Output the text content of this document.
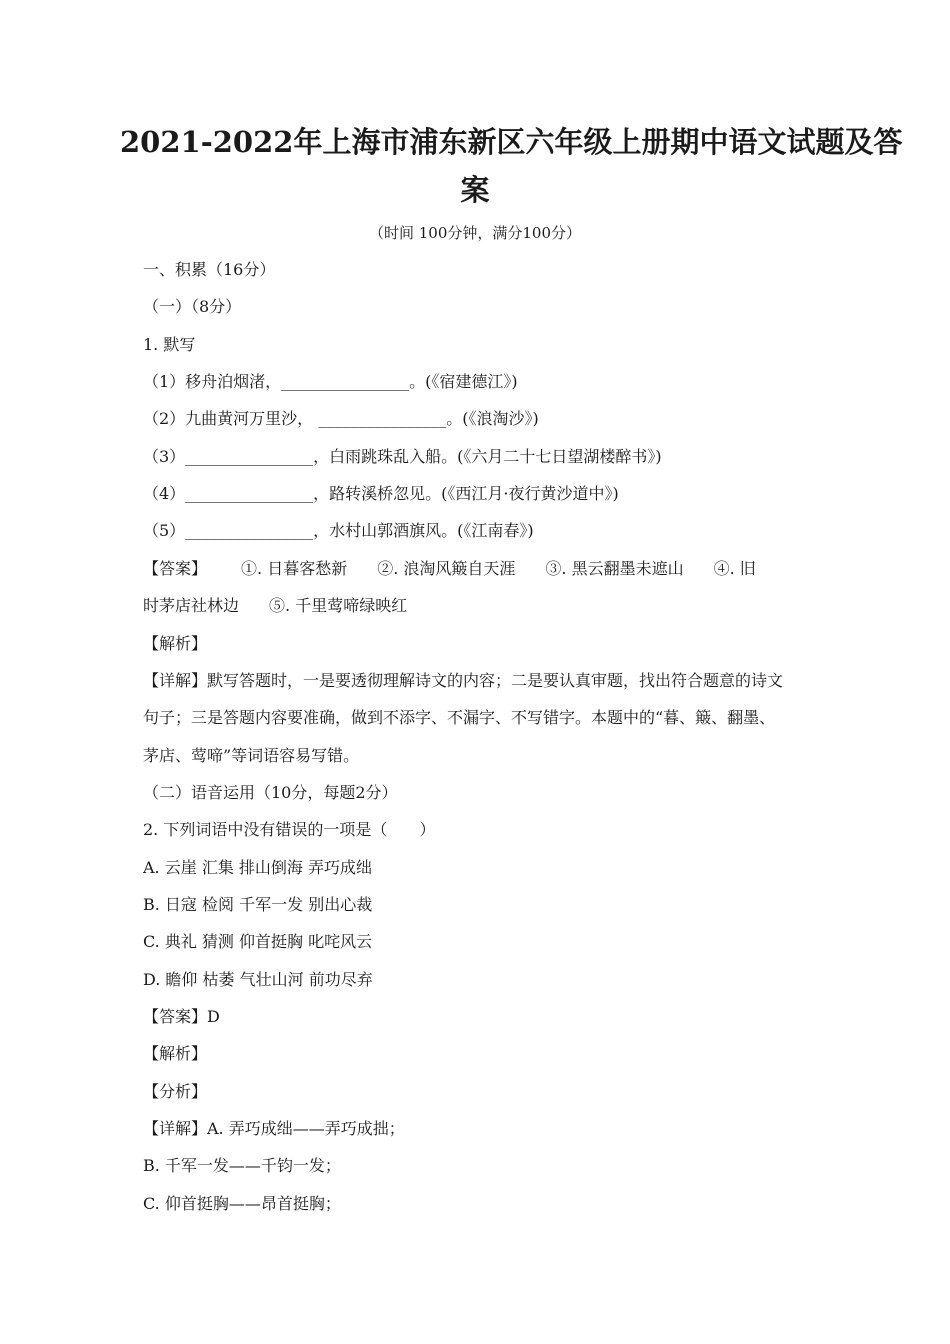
2021-2022年上海市浦东新区六年级上册期中语文试题及答
案
（时间 100分钟，满分100分）
一、积累（16分）
（一）（8分）
1. 默写
（1）移舟泊烟渚，________________。(《宿建德江》)
（2）九曲黄河万里沙， ________________。(《浪淘沙》)
（3）________________，白雨跳珠乱入船。(《六月二十七日望湖楼醉书》)
（4）________________，路转溪桥忽见。(《西江月·夜行黄沙道中》)
（5）________________，水村山郭酒旗风。(《江南春》)
【答案】 ①. 日暮客愁新 ②. 浪淘风簸自天涯 ③. 黑云翻墨未遮山 ④. 旧
时茅店社林边 ⑤. 千里莺啼绿映红
【解析】
【详解】默写答题时，一是要透彻理解诗文的内容；二是要认真审题，找出符合题意的诗文
句子；三是答题内容要准确，做到不添字、不漏字、不写错字。本题中的“暮、簸、翻墨、
茅店、莺啼”等词语容易写错。
（二）语音运用（10分，每题2分）
2. 下列词语中没有错误的一项是（　　）
A. 云崖 汇集 排山倒海 弄巧成绌
B. 日寇 检阅 千军一发 别出心裁
C. 典礼 猜测 仰首挺胸 叱咤风云
D. 瞻仰 枯萎 气壮山河 前功尽弃
【答案】D
【解析】
【分析】
【详解】A. 弄巧成绌——弄巧成拙；
B. 千军一发——千钧一发；
C. 仰首挺胸——昂首挺胸；
